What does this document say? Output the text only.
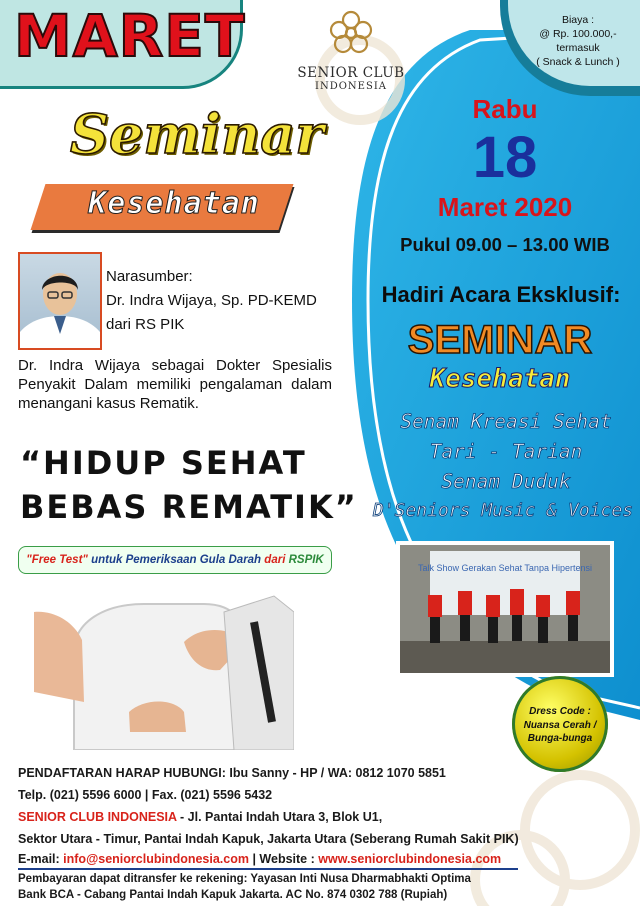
MARET
SENIOR CLUB
INDONESIA
Biaya :
@ Rp. 100.000,-
termasuk
( Snack & Lunch )
Seminar
Kesehatan
Narasumber:
Dr. Indra Wijaya, Sp. PD-KEMD
dari RS PIK
Dr. Indra Wijaya sebagai Dokter Spesialis Penyakit Dalam memiliki pengalaman dalam menangani kasus Rematik.
“HIDUP SEHAT
BEBAS REMATIK”
"Free Test" untuk Pemeriksaan Gula Darah dari RSPIK
Rabu
18
Maret 2020
Pukul 09.00 – 13.00 WIB
Hadiri Acara Eksklusif:
SEMINAR
Kesehatan
Senam Kreasi Sehat
Tari - Tarian
Senam Duduk
D'Seniors Music & Voices
Talk Show Gerakan Sehat Tanpa Hipertensi
Dress Code :
Nuansa Cerah /
Bunga-bunga
PENDAFTARAN HARAP HUBUNGI: Ibu Sanny - HP / WA: 0812 1070 5851
Telp. (021) 5596 6000 | Fax. (021) 5596 5432
SENIOR CLUB INDONESIA - Jl. Pantai Indah Utara 3, Blok U1,
Sektor Utara - Timur, Pantai Indah Kapuk, Jakarta Utara (Seberang Rumah Sakit PIK)
E-mail: info@seniorclubindonesia.com | Website : www.seniorclubindonesia.com
Pembayaran dapat ditransfer ke rekening: Yayasan Inti Nusa Dharmabhakti Optima
Bank BCA - Cabang Pantai Indah Kapuk Jakarta. AC No. 874 0302 788 (Rupiah)
